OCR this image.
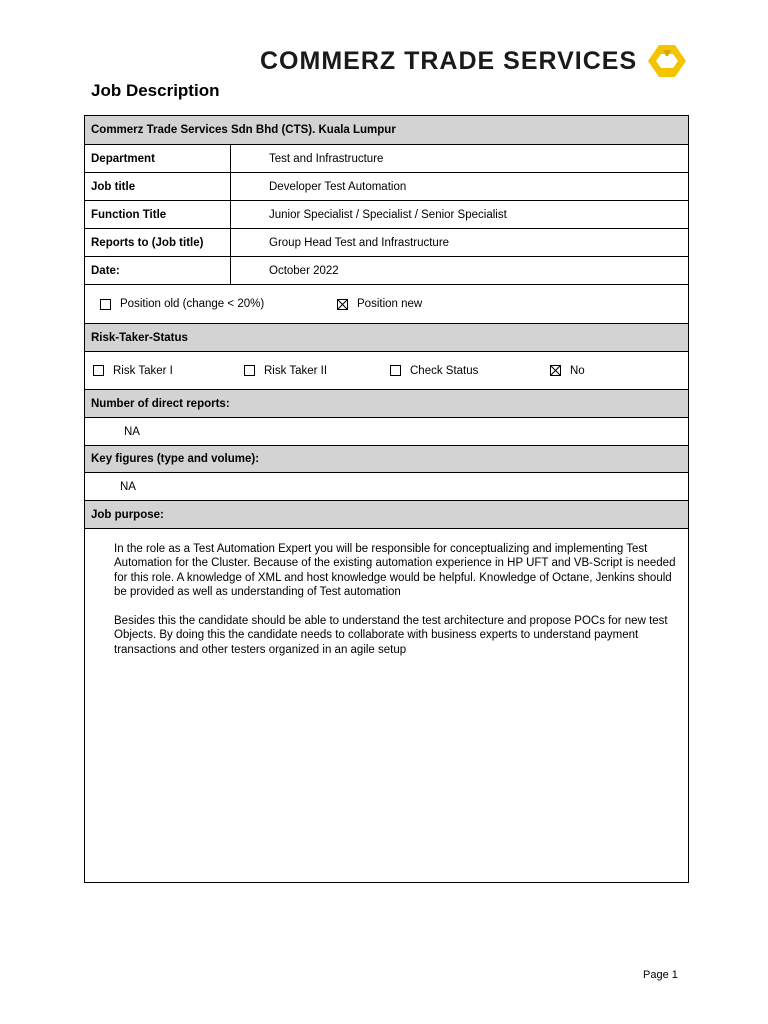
COMMERZ TRADE SERVICES
Job Description
Commerz Trade Services Sdn Bhd (CTS). Kuala Lumpur
Department	Test and Infrastructure
Job title	Developer Test Automation
Function Title	Junior Specialist / Specialist / Senior Specialist
Reports to (Job title)	Group Head Test and Infrastructure
Date:	October 2022
Position old (change < 20%)	Position new
Risk-Taker-Status
Risk Taker I	Risk Taker II	Check Status	No
Number of direct reports:
NA
Key figures (type and volume):
NA
Job purpose:

In the role as a Test Automation Expert you will be responsible for conceptualizing and implementing Test Automation for the Cluster. Because of the existing automation experience in HP UFT and VB-Script is needed for this role. A knowledge of XML and host knowledge would be helpful. Knowledge of Octane, Jenkins should be provided as well as understanding of Test automation

Besides this the candidate should be able to understand the test architecture and propose POCs for new test Objects. By doing this the candidate needs to collaborate with business experts to understand payment transactions and other testers organized in an agile setup

Page 1
